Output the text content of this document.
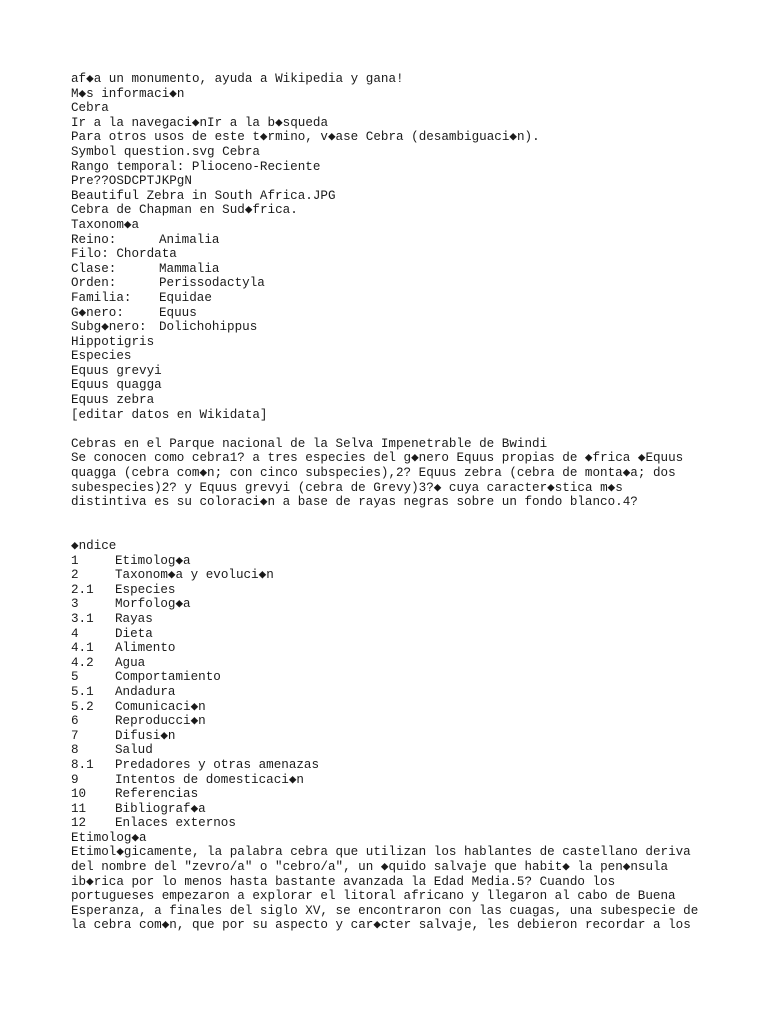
af◆a un monumento, ayuda a Wikipedia y gana!
M◆s informaci◆n
Cebra
Ir a la navegaci◆nIr a la b◆squeda
Para otros usos de este t◆rmino, v◆ase Cebra (desambiguaci◆n).
Symbol question.svg Cebra
Rango temporal: Plioceno-Reciente
Pre??OSDCPTJKPgN
Beautiful Zebra in South Africa.JPG
Cebra de Chapman en Sud◆frica.
Taxonom◆a
Reino:	Animalia
Filo: Chordata
Clase:	Mammalia
Orden:	Perissodactyla
Familia:	Equidae
G◆nero:	Equus
Subg◆nero: Dolichohippus
Hippotigris
Especies
Equus grevyi
Equus quagga
Equus zebra
[editar datos en Wikidata]
Cebras en el Parque nacional de la Selva Impenetrable de Bwindi
Se conocen como cebra1? a tres especies del g◆nero Equus propias de ◆frica ◆Equus
quagga (cebra com◆n; con cinco subspecies),2? Equus zebra (cebra de monta◆a; dos
subespecies)2? y Equus grevyi (cebra de Grevy)3?◆ cuya caracter◆stica m◆s
distintiva es su coloraci◆n a base de rayas negras sobre un fondo blanco.4?
◆ndice
1	Etimolog◆a
2	Taxonom◆a y evoluci◆n
2.1	Especies
3	Morfolog◆a
3.1	Rayas
4	Dieta
4.1	Alimento
4.2	Agua
5	Comportamiento
5.1	Andadura
5.2	Comunicaci◆n
6	Reproducci◆n
7	Difusi◆n
8	Salud
8.1	Predadores y otras amenazas
9	Intentos de domesticaci◆n
10	Referencias
11	Bibliograf◆a
12	Enlaces externos
Etimolog◆a
Etimol◆gicamente, la palabra cebra que utilizan los hablantes de castellano deriva
del nombre del "zevro/a" o "cebro/a", un ◆quido salvaje que habit◆ la pen◆nsula
ib◆rica por lo menos hasta bastante avanzada la Edad Media.5? Cuando los
portugueses empezaron a explorar el litoral africano y llegaron al cabo de Buena
Esperanza, a finales del siglo XV, se encontraron con las cuagas, una subespecie de
la cebra com◆n, que por su aspecto y car◆cter salvaje, les debieron recordar a los
